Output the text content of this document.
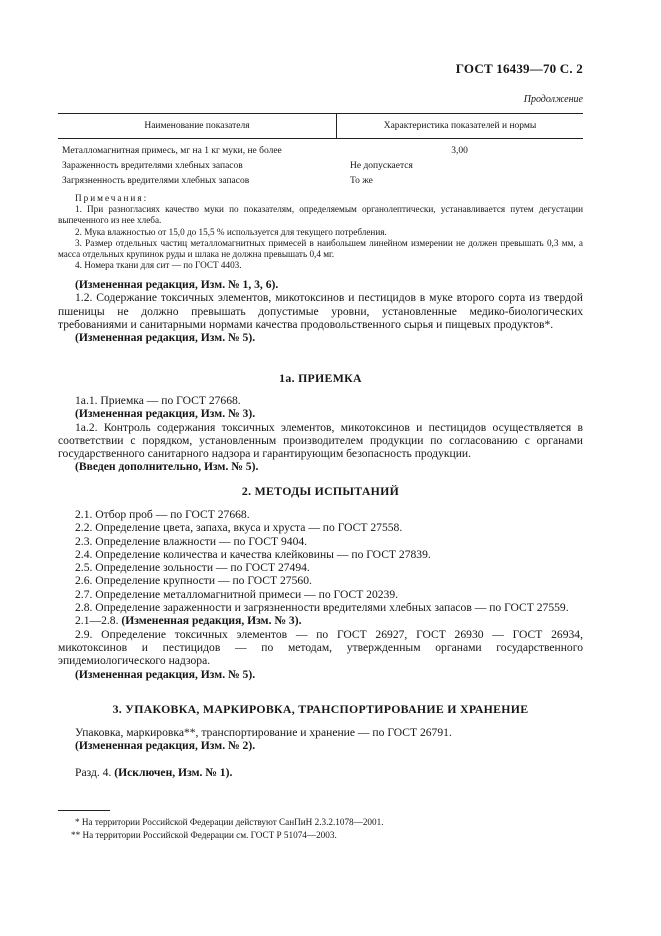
ГОСТ 16439—70 С. 2
Продолжение
Наименование показателя	Характеристика показателей и нормы
Металломагнитная примесь, мг на 1 кг муки, не более	3,00
Зараженность вредителями хлебных запасов	Не допускается
Загрязненность вредителями хлебных запасов	То же

Примечания:

1. При разногласиях качество муки по показателям, определяемым органолептически, устанавливается путем дегустации выпеченного из нее хлеба.

2. Мука влажностью от 15,0 до 15,5 % используется для текущего потребления.

3. Размер отдельных частиц металломагнитных примесей в наибольшем линейном измерении не должен превышать 0,3 мм, а масса отдельных крупинок руды и шлака не должна превышать 0,4 мг.

4. Номера ткани для сит — по ГОСТ 4403.

(Измененная редакция, Изм. № 1, 3, 6).

1.2. Содержание токсичных элементов, микотоксинов и пестицидов в муке второго сорта из твердой пшеницы не должно превышать допустимые уровни, установленные медико-биологических требованиями и санитарными нормами качества продовольственного сырья и пищевых продуктов*.

(Измененная редакция, Изм. № 5).

1а. ПРИЕМКА

1а.1. Приемка — по ГОСТ 27668.

(Измененная редакция, Изм. № 3).

1а.2. Контроль содержания токсичных элементов, микотоксинов и пестицидов осуществляется в соответствии с порядком, установленным производителем продукции по согласованию с органами государственного санитарного надзора и гарантирующим безопасность продукции.

(Введен дополнительно, Изм. № 5).

2. МЕТОДЫ ИСПЫТАНИЙ

2.1. Отбор проб — по ГОСТ 27668.

2.2. Определение цвета, запаха, вкуса и хруста — по ГОСТ 27558.

2.3. Определение влажности — по ГОСТ 9404.

2.4. Определение количества и качества клейковины — по ГОСТ 27839.

2.5. Определение зольности — по ГОСТ 27494.

2.6. Определение крупности — по ГОСТ 27560.

2.7. Определение металломагнитной примеси — по ГОСТ 20239.

2.8. Определение зараженности и загрязненности вредителями хлебных запасов — по ГОСТ 27559.

2.1—2.8. (Измененная редакция, Изм. № 3).

2.9. Определение токсичных элементов — по ГОСТ 26927, ГОСТ 26930 — ГОСТ 26934, микотоксинов и пестицидов — по методам, утвержденным органами государственного эпидемиологического надзора.

(Измененная редакция, Изм. № 5).

3. УПАКОВКА, МАРКИРОВКА, ТРАНСПОРТИРОВАНИЕ И ХРАНЕНИЕ

Упаковка, маркировка**, транспортирование и хранение — по ГОСТ 26791.

(Измененная редакция, Изм. № 2).

Разд. 4. (Исключен, Изм. № 1).

* На территории Российской Федерации действуют СанПиН 2.3.2.1078—2001.
** На территории Российской Федерации см. ГОСТ Р 51074—2003.
